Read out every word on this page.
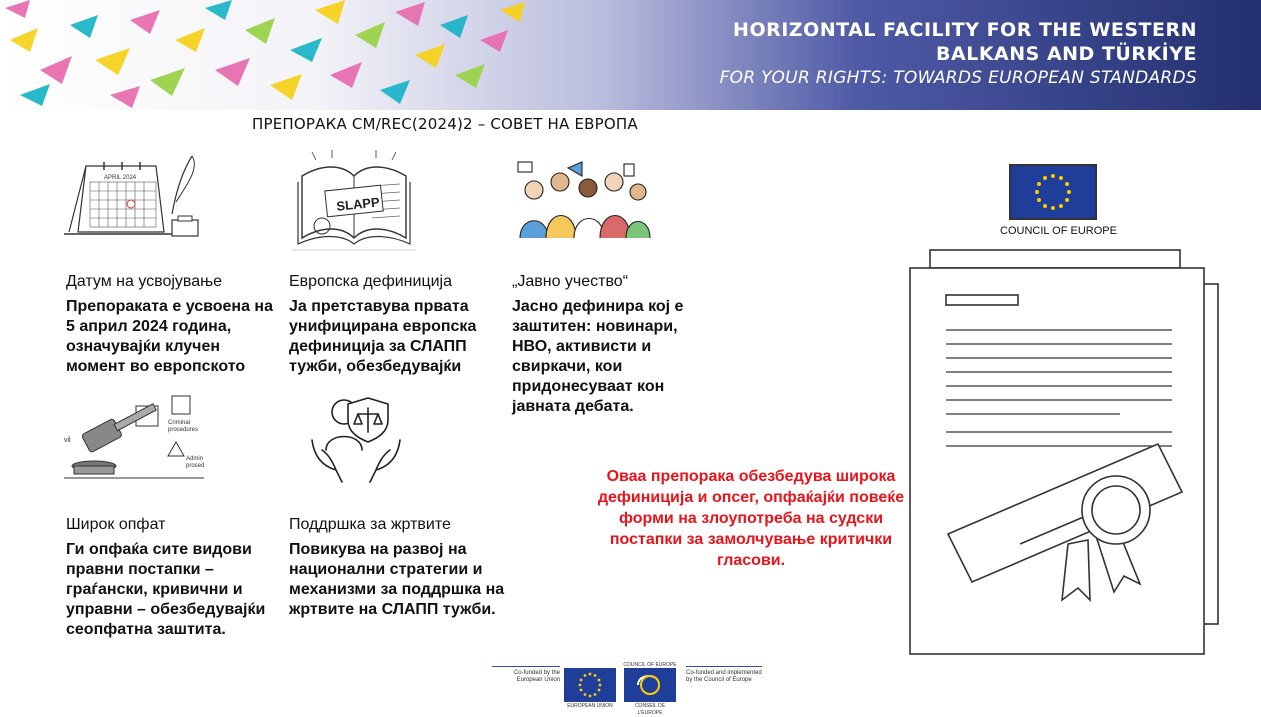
HORIZONTAL FACILITY FOR THE WESTERN
BALKANS AND TÜRKİYE
FOR YOUR RIGHTS: TOWARDS EUROPEAN STANDARDS
ПРЕПОРАКА CM/REC(2024)2 – СОВЕТ НА ЕВРОПА
APRIL 2024
Датум на усвојување
Препораката е усвоена на 5 април 2024 година, означувајќи клучен момент во европското
SLAPP
Европска дефиниција
Ја претставува првата унифицирана европска дефиниција за СЛАПП тужби, обезбедувајќи
„Јавно учество“
Јасно дефинира кој е заштитен: новинари, НВО, активисти и свиркачи, кои придонесуваат кон јавната дебата.
vil
Criminal
procedures
Admin
proced
Широк опфат
Ги опфаќа сите видови правни постапки – граѓански, кривични и управни – обезбедувајќи сеопфатна заштита.
Поддршка за жртвите
Повикува на развој на национални стратегии и механизми за поддршка на жртвите на СЛАПП тужби.
Оваа препорака обезбедува широка дефиниција и опсег, опфаќајќи повеќе форми на злоупотреба на судски постапки за замолчување критички гласови.
COUNCIL OF EUROPE
Co-funded by the European Union
EUROPEAN UNION
COUNCIL OF EUROPE
CONSEIL DE L'EUROPE
Co-funded and implemented by the Council of Europe
